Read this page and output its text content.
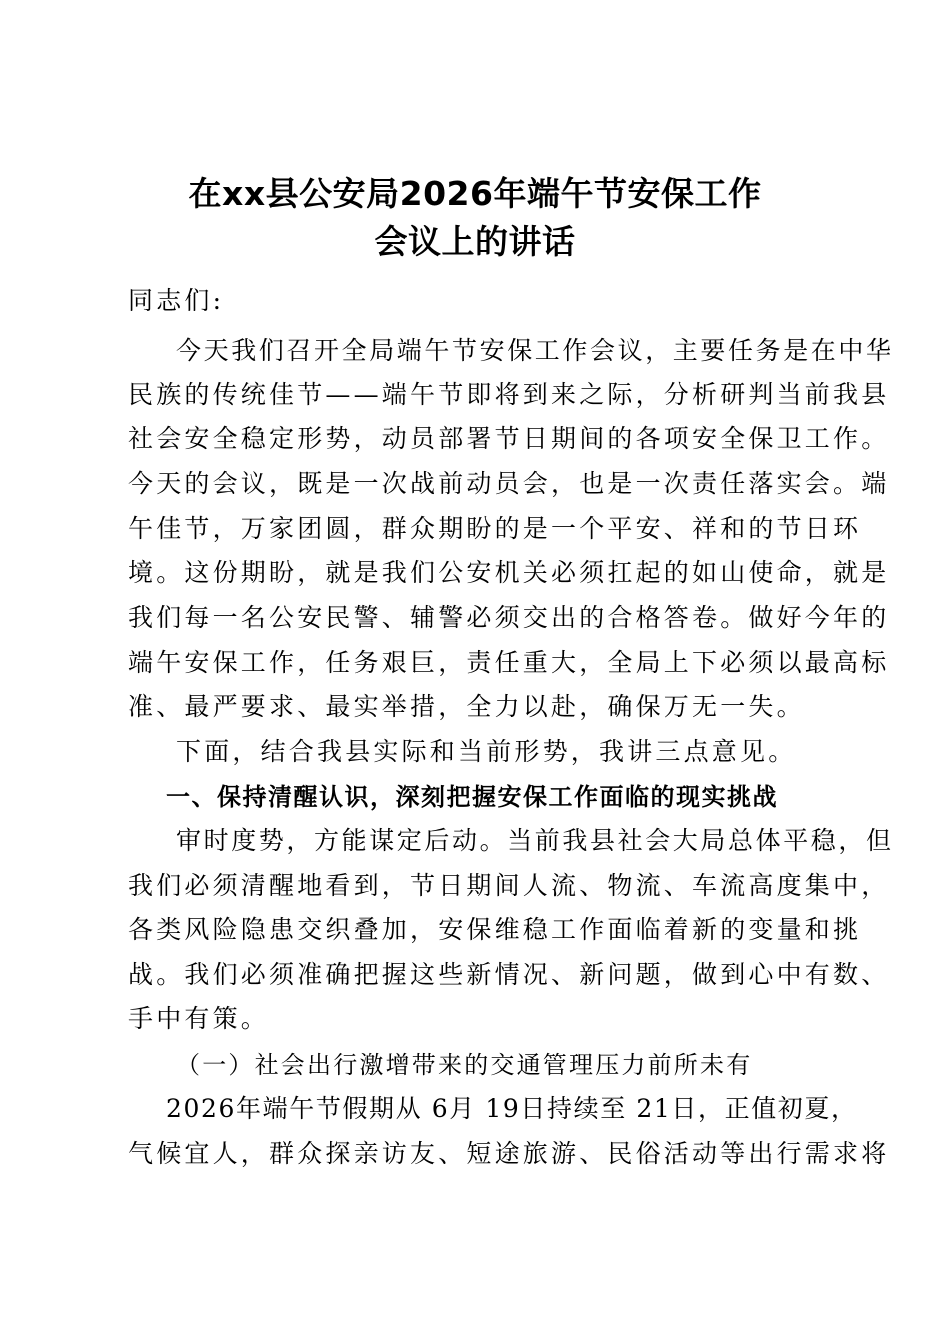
在xx县公安局2026年端午节安保工作
会议上的讲话
同志们:
今天我们召开全局端午节安保工作会议，主要任务是在中华
民族的传统佳节——端午节即将到来之际，分析研判当前我县
社会安全稳定形势，动员部署节日期间的各项安全保卫工作。
今天的会议，既是一次战前动员会，也是一次责任落实会。端
午佳节，万家团圆，群众期盼的是一个平安、祥和的节日环
境。这份期盼，就是我们公安机关必须扛起的如山使命，就是
我们每一名公安民警、辅警必须交出的合格答卷。做好今年的
端午安保工作，任务艰巨，责任重大，全局上下必须以最高标
准、最严要求、最实举措，全力以赴，确保万无一失。
下面，结合我县实际和当前形势，我讲三点意见。
一、保持清醒认识，深刻把握安保工作面临的现实挑战
审时度势，方能谋定后动。当前我县社会大局总体平稳，但
我们必须清醒地看到，节日期间人流、物流、车流高度集中，
各类风险隐患交织叠加，安保维稳工作面临着新的变量和挑
战。我们必须准确把握这些新情况、新问题，做到心中有数、
手中有策。
（一）社会出行激增带来的交通管理压力前所未有
2026年端午节假期从 6月 19日持续至 21日，正值初夏，
气候宜人，群众探亲访友、短途旅游、民俗活动等出行需求将
